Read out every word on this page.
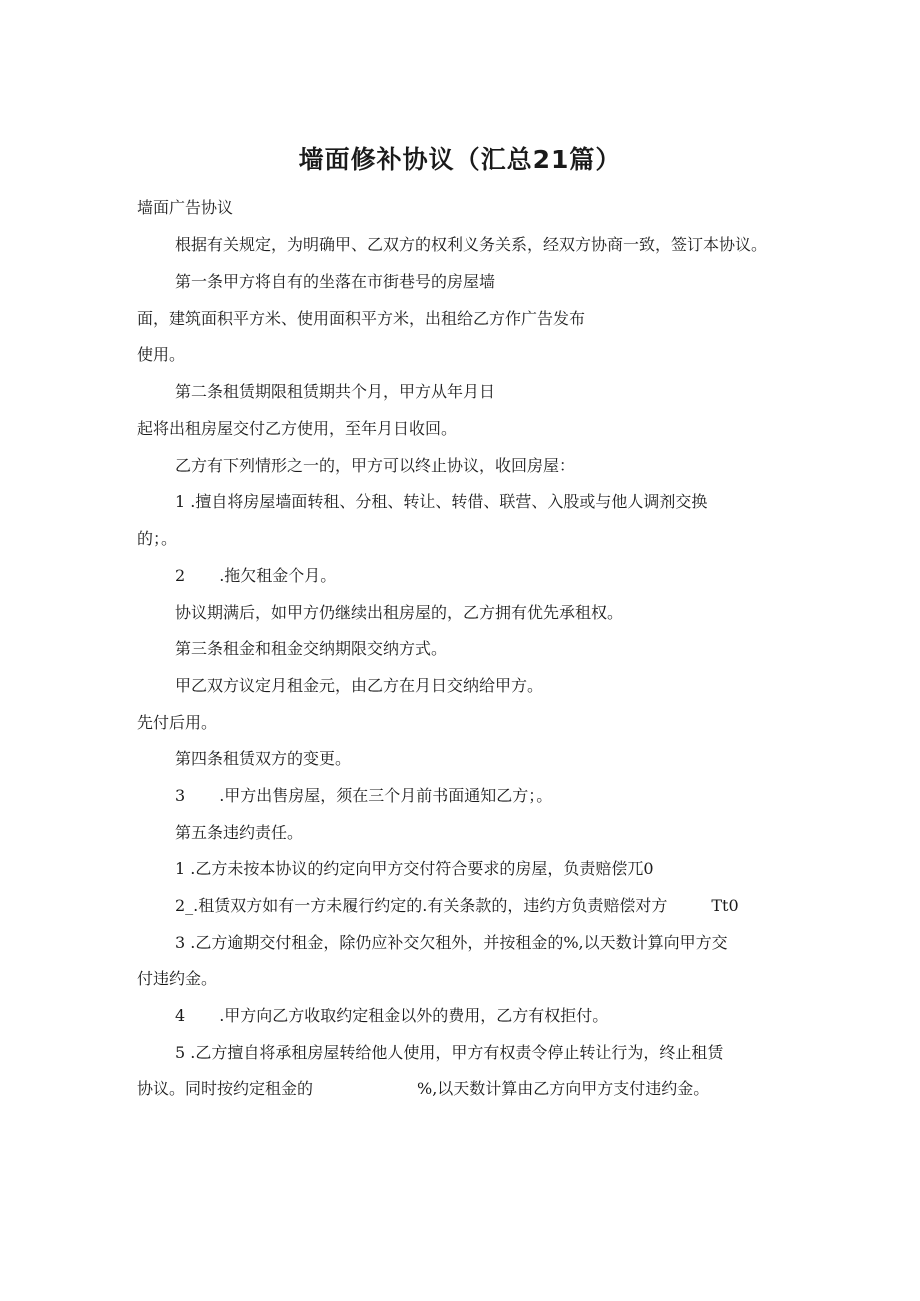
墙面修补协议（汇总21篇）
墙面广告协议
根据有关规定，为明确甲、乙双方的权利义务关系，经双方协商一致，签订本协议。
第一条甲方将自有的坐落在市街巷号的房屋墙
面，建筑面积平方米、使用面积平方米，出租给乙方作广告发布
使用。
第二条租赁期限租赁期共个月，甲方从年月日
起将出租房屋交付乙方使用，至年月日收回。
乙方有下列情形之一的，甲方可以终止协议，收回房屋：
1 .擅自将房屋墙面转租、分租、转让、转借、联营、入股或与他人调剂交换
的；。
2 .拖欠租金个月。
协议期满后，如甲方仍继续出租房屋的，乙方拥有优先承租权。
第三条租金和租金交纳期限交纳方式。
甲乙双方议定月租金元，由乙方在月日交纳给甲方。
先付后用。
第四条租赁双方的变更。
3 .甲方出售房屋，须在三个月前书面通知乙方；。
第五条违约责任。
1 .乙方未按本协议的约定向甲方交付符合要求的房屋，负责赔偿兀0
2_.租赁双方如有一方未履行约定的.有关条款的，违约方负责赔偿对方	Tt0
3 .乙方逾期交付租金，除仍应补交欠租外，并按租金的%,以天数计算向甲方交
付违约金。
4 .甲方向乙方收取约定租金以外的费用，乙方有权拒付。
5 .乙方擅自将承租房屋转给他人使用，甲方有权责令停止转让行为，终止租赁
协议。同时按约定租金的	%,以天数计算由乙方向甲方支付违约金。
